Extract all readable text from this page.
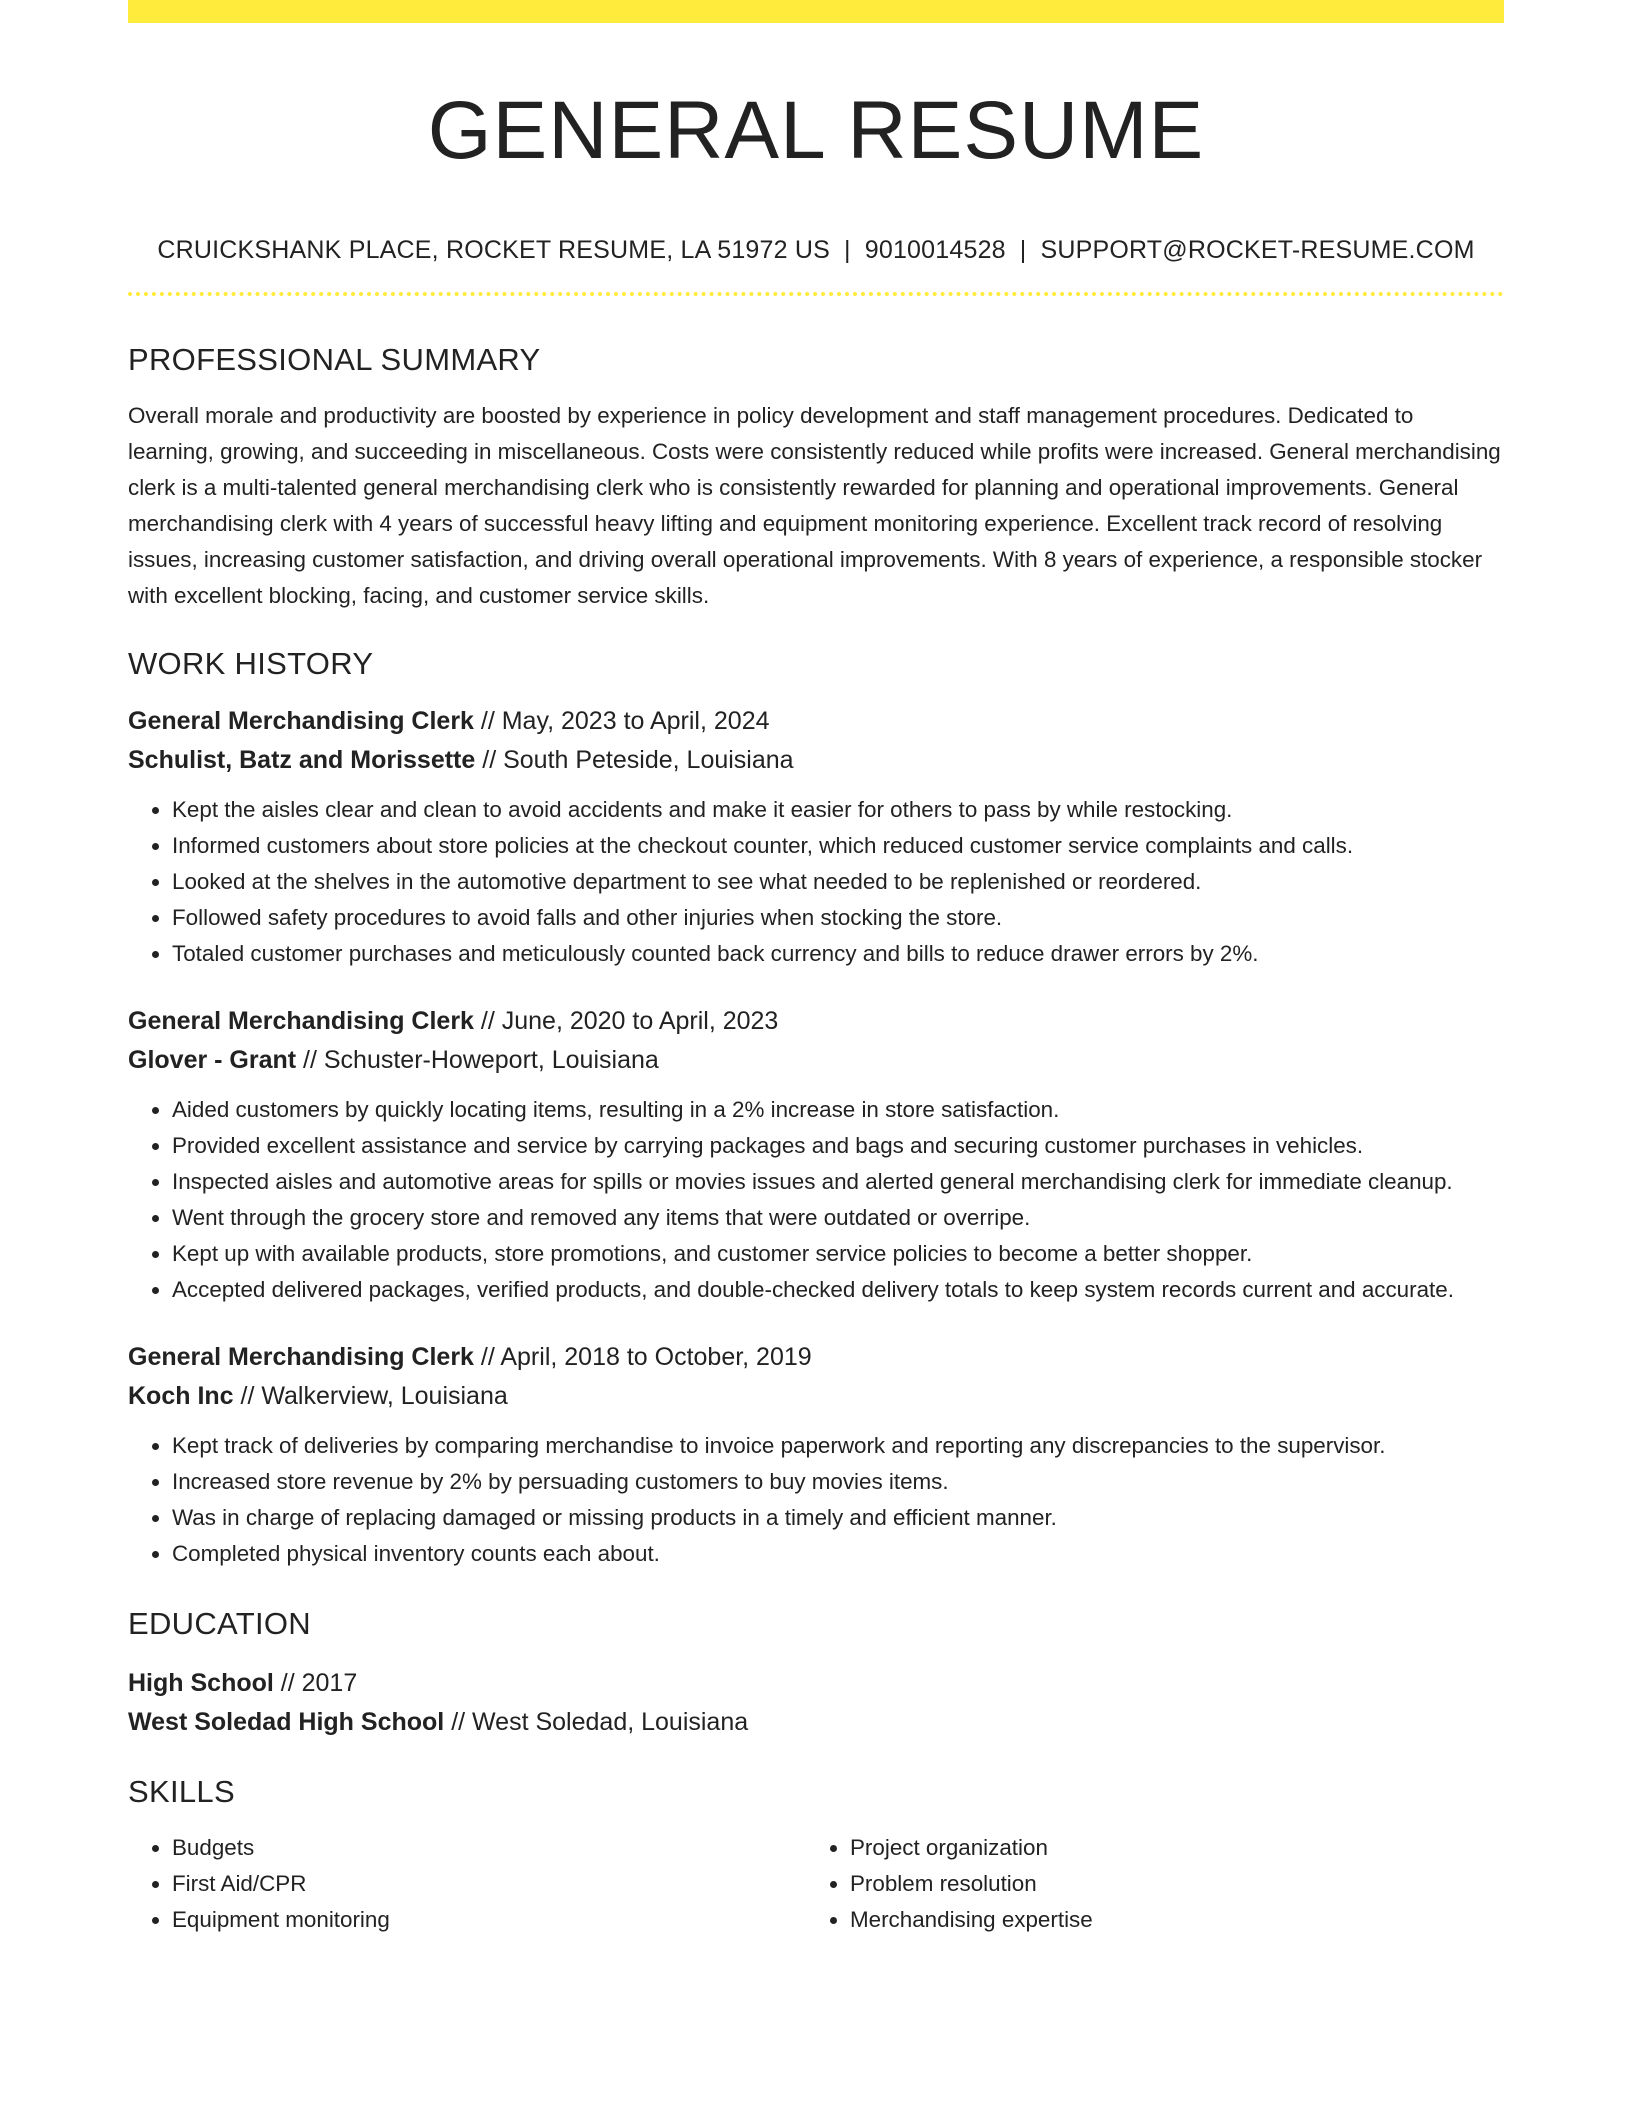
GENERAL RESUME
CRUICKSHANK PLACE, ROCKET RESUME, LA 51972 US | 9010014528 | SUPPORT@ROCKET-RESUME.COM
PROFESSIONAL SUMMARY
Overall morale and productivity are boosted by experience in policy development and staff management procedures. Dedicated to learning, growing, and succeeding in miscellaneous. Costs were consistently reduced while profits were increased. General merchandising clerk is a multi-talented general merchandising clerk who is consistently rewarded for planning and operational improvements. General merchandising clerk with 4 years of successful heavy lifting and equipment monitoring experience. Excellent track record of resolving issues, increasing customer satisfaction, and driving overall operational improvements. With 8 years of experience, a responsible stocker with excellent blocking, facing, and customer service skills.
WORK HISTORY
General Merchandising Clerk // May, 2023 to April, 2024
Schulist, Batz and Morissette // South Peteside, Louisiana
• Kept the aisles clear and clean to avoid accidents and make it easier for others to pass by while restocking.
• Informed customers about store policies at the checkout counter, which reduced customer service complaints and calls.
• Looked at the shelves in the automotive department to see what needed to be replenished or reordered.
• Followed safety procedures to avoid falls and other injuries when stocking the store.
• Totaled customer purchases and meticulously counted back currency and bills to reduce drawer errors by 2%.
General Merchandising Clerk // June, 2020 to April, 2023
Glover - Grant // Schuster-Howeport, Louisiana
• Aided customers by quickly locating items, resulting in a 2% increase in store satisfaction.
• Provided excellent assistance and service by carrying packages and bags and securing customer purchases in vehicles.
• Inspected aisles and automotive areas for spills or movies issues and alerted general merchandising clerk for immediate cleanup.
• Went through the grocery store and removed any items that were outdated or overripe.
• Kept up with available products, store promotions, and customer service policies to become a better shopper.
• Accepted delivered packages, verified products, and double-checked delivery totals to keep system records current and accurate.
General Merchandising Clerk // April, 2018 to October, 2019
Koch Inc // Walkerview, Louisiana
• Kept track of deliveries by comparing merchandise to invoice paperwork and reporting any discrepancies to the supervisor.
• Increased store revenue by 2% by persuading customers to buy movies items.
• Was in charge of replacing damaged or missing products in a timely and efficient manner.
• Completed physical inventory counts each about.
EDUCATION
High School // 2017
West Soledad High School // West Soledad, Louisiana
SKILLS
• Budgets
• First Aid/CPR
• Equipment monitoring
• Project organization
• Problem resolution
• Merchandising expertise
